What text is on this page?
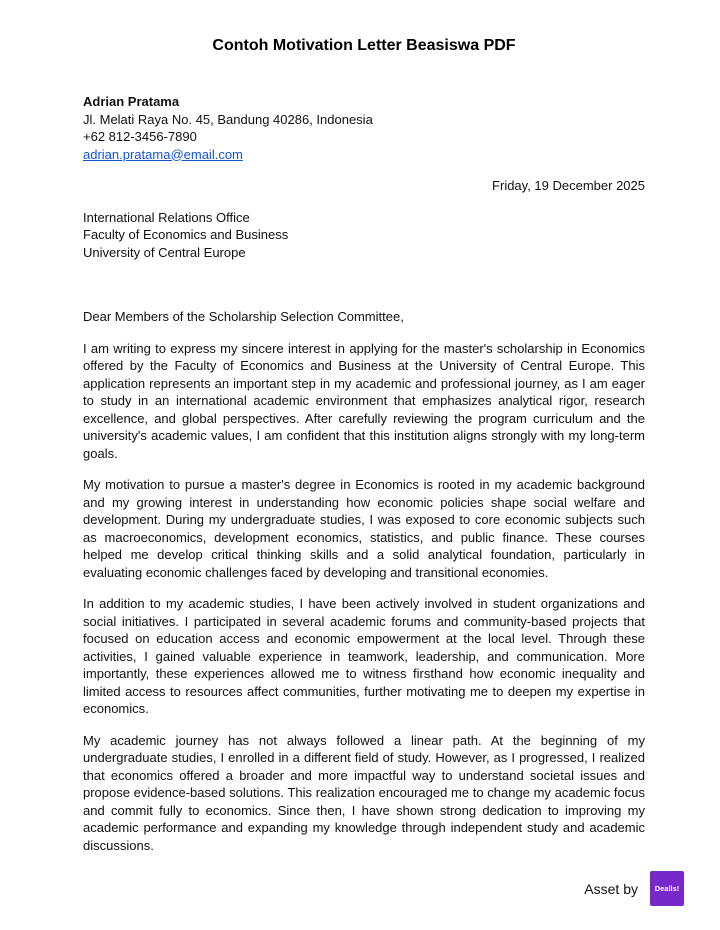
Contoh Motivation Letter Beasiswa PDF
Adrian Pratama
Jl. Melati Raya No. 45, Bandung 40286, Indonesia
+62 812-3456-7890
adrian.pratama@email.com
Friday, 19 December 2025
International Relations Office
Faculty of Economics and Business
University of Central Europe
Dear Members of the Scholarship Selection Committee,

I am writing to express my sincere interest in applying for the master's scholarship in Economics offered by the Faculty of Economics and Business at the University of Central Europe. This application represents an important step in my academic and professional journey, as I am eager to study in an international academic environment that emphasizes analytical rigor, research excellence, and global perspectives. After carefully reviewing the program curriculum and the university's academic values, I am confident that this institution aligns strongly with my long-term goals.

My motivation to pursue a master's degree in Economics is rooted in my academic background and my growing interest in understanding how economic policies shape social welfare and development. During my undergraduate studies, I was exposed to core economic subjects such as macroeconomics, development economics, statistics, and public finance. These courses helped me develop critical thinking skills and a solid analytical foundation, particularly in evaluating economic challenges faced by developing and transitional economies.

In addition to my academic studies, I have been actively involved in student organizations and social initiatives. I participated in several academic forums and community-based projects that focused on education access and economic empowerment at the local level. Through these activities, I gained valuable experience in teamwork, leadership, and communication. More importantly, these experiences allowed me to witness firsthand how economic inequality and limited access to resources affect communities, further motivating me to deepen my expertise in economics.

My academic journey has not always followed a linear path. At the beginning of my undergraduate studies, I enrolled in a different field of study. However, as I progressed, I realized that economics offered a broader and more impactful way to understand societal issues and propose evidence-based solutions. This realization encouraged me to change my academic focus and commit fully to economics. Since then, I have shown strong dedication to improving my academic performance and expanding my knowledge through independent study and academic discussions.

Asset by	Dealls!
